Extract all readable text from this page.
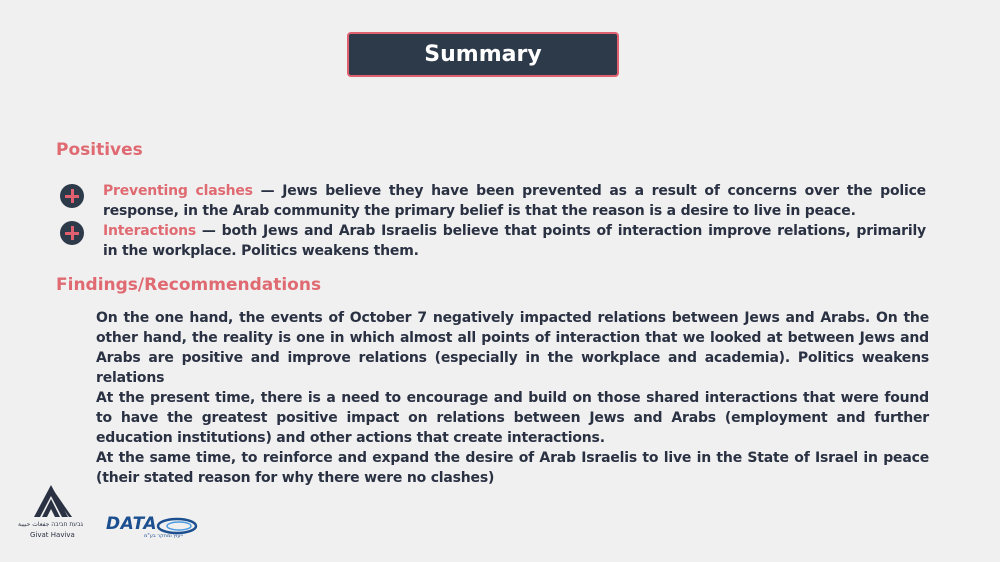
Summary
Positives
Preventing clashes — Jews believe they have been prevented as a result of concerns over the police response, in the Arab community the primary belief is that the reason is a desire to live in peace.
Interactions — both Jews and Arab Israelis believe that points of interaction improve relations, primarily in the workplace. Politics weakens them.
Findings/Recommendations

On the one hand, the events of October 7 negatively impacted relations between Jews and Arabs. On the other hand, the reality is one in which almost all points of interaction that we looked at between Jews and Arabs are positive and improve relations (especially in the workplace and academia). Politics weakens relations

At the present time, there is a need to encourage and build on those shared interactions that were found to have the greatest positive impact on relations between Jews and Arabs (employment and further education institutions) and other actions that create interactions.

At the same time, to reinforce and expand the desire of Arab Israelis to live in the State of Israel in peace (their stated reason for why there were no clashes)

גבעת חביבה جفعات حبيبة
Givat Haviva
DATA
ייעוץ ומחקר בע"מ
